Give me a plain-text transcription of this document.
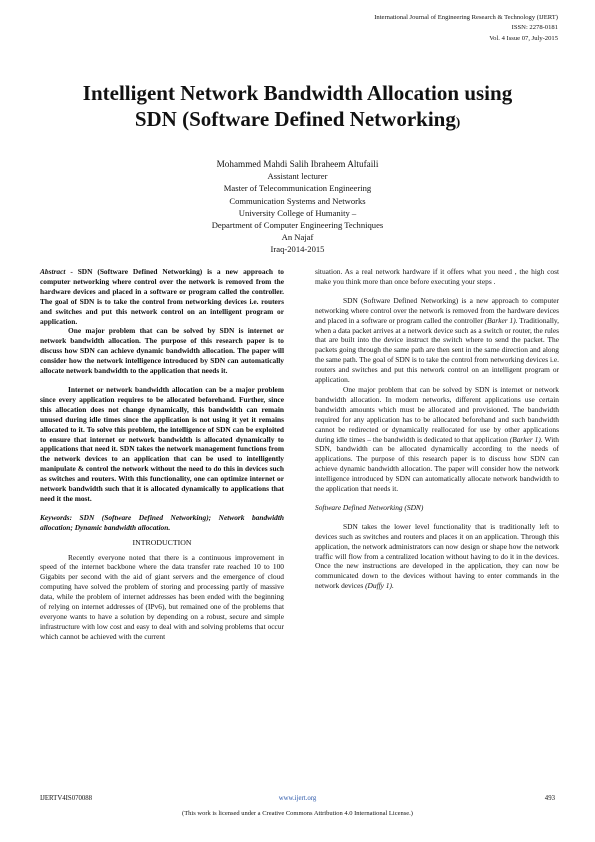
International Journal of Engineering Research & Technology (IJERT)
ISSN: 2278-0181
Vol. 4 Issue 07, July-2015
Intelligent Network Bandwidth Allocation using
SDN (Software Defined Networking)
Mohammed Mahdi Salih Ibraheem Altufaili
Assistant lecturer
Master of Telecommunication Engineering
Communication Systems and Networks
University College of Humanity –
Department of Computer Engineering Techniques
An Najaf
Iraq-2014-2015

Abstract - SDN (Software Defined Networking) is a new approach to computer networking where control over the network is removed from the hardware devices and placed in a software or program called the controller. The goal of SDN is to take the control from networking devices i.e. routers and switches and put this network control on an intelligent program or application.

One major problem that can be solved by SDN is internet or network bandwidth allocation. The purpose of this research paper is to discuss how SDN can achieve dynamic bandwidth allocation. The paper will consider how the network intelligence introduced by SDN can automatically allocate network bandwidth to the application that needs it.

Internet or network bandwidth allocation can be a major problem since every application requires to be allocated beforehand. Further, since this allocation does not change dynamically, this bandwidth can remain unused during idle times since the application is not using it yet it remains allocated to it. To solve this problem, the intelligence of SDN can be exploited to ensure that internet or network bandwidth is allocated dynamically to applications that need it. SDN takes the network management functions from the network devices to an application that can be used to intelligently manipulate & control the network without the need to do this in devices such as switches and routers. With this functionality, one can optimize internet or network bandwidth such that it is allocated dynamically to applications that need it the most.

Keywords: SDN (Software Defined Networking); Network bandwidth allocation; Dynamic bandwidth allocation.

INTRODUCTION

Recently everyone noted that there is a continuous improvement in speed of the internet backbone where the data transfer rate reached 10 to 100 Gigabits per second with the aid of giant servers and the emergence of cloud computing have solved the problem of storing and processing partly of massive data, while the problem of internet addresses has been ended with the beginning of relying on internet addresses of (IPv6), but remained one of the problems that everyone wants to have a solution by depending on a robust, secure and simple infrastructure with low cost and easy to deal with and solving problems that occur which cannot be achieved with the current

situation. As a real network hardware if it offers what you need , the high cost make you think more than once before executing your steps .

SDN (Software Defined Networking) is a new approach to computer networking where control over the network is removed from the hardware devices and placed in a software or program called the controller (Barker 1). Traditionally, when a data packet arrives at a network device such as a switch or router, the rules that are built into the device instruct the switch where to send the packet. The packets going through the same path are then sent in the same direction and along the same path. The goal of SDN is to take the control from networking devices i.e. routers and switches and put this network control on an intelligent program or application.

One major problem that can be solved by SDN is internet or network bandwidth allocation. In modern networks, different applications use certain bandwidth amounts which must be allocated and provisioned. The bandwidth required for any application has to be allocated beforehand and such bandwidth cannot be redirected or dynamically reallocated for use by other applications during idle times – the bandwidth is dedicated to that application (Barker 1). With SDN, bandwidth can be allocated dynamically according to the needs of applications. The purpose of this research paper is to discuss how SDN can achieve dynamic bandwidth allocation. The paper will consider how the network intelligence introduced by SDN can automatically allocate network bandwidth to the application that needs it.

Software Defined Networking (SDN)

SDN takes the lower level functionality that is traditionally left to devices such as switches and routers and places it on an application. Through this application, the network administrators can now design or shape how the network traffic will flow from a centralized location without having to do it in the devices. Once the new instructions are developed in the application, they can now be communicated down to the devices without having to enter commands in the network devices (Duffy 1).

IJERTV4IS070088	www.ijert.org	493
(This work is licensed under a Creative Commons Attribution 4.0 International License.)
